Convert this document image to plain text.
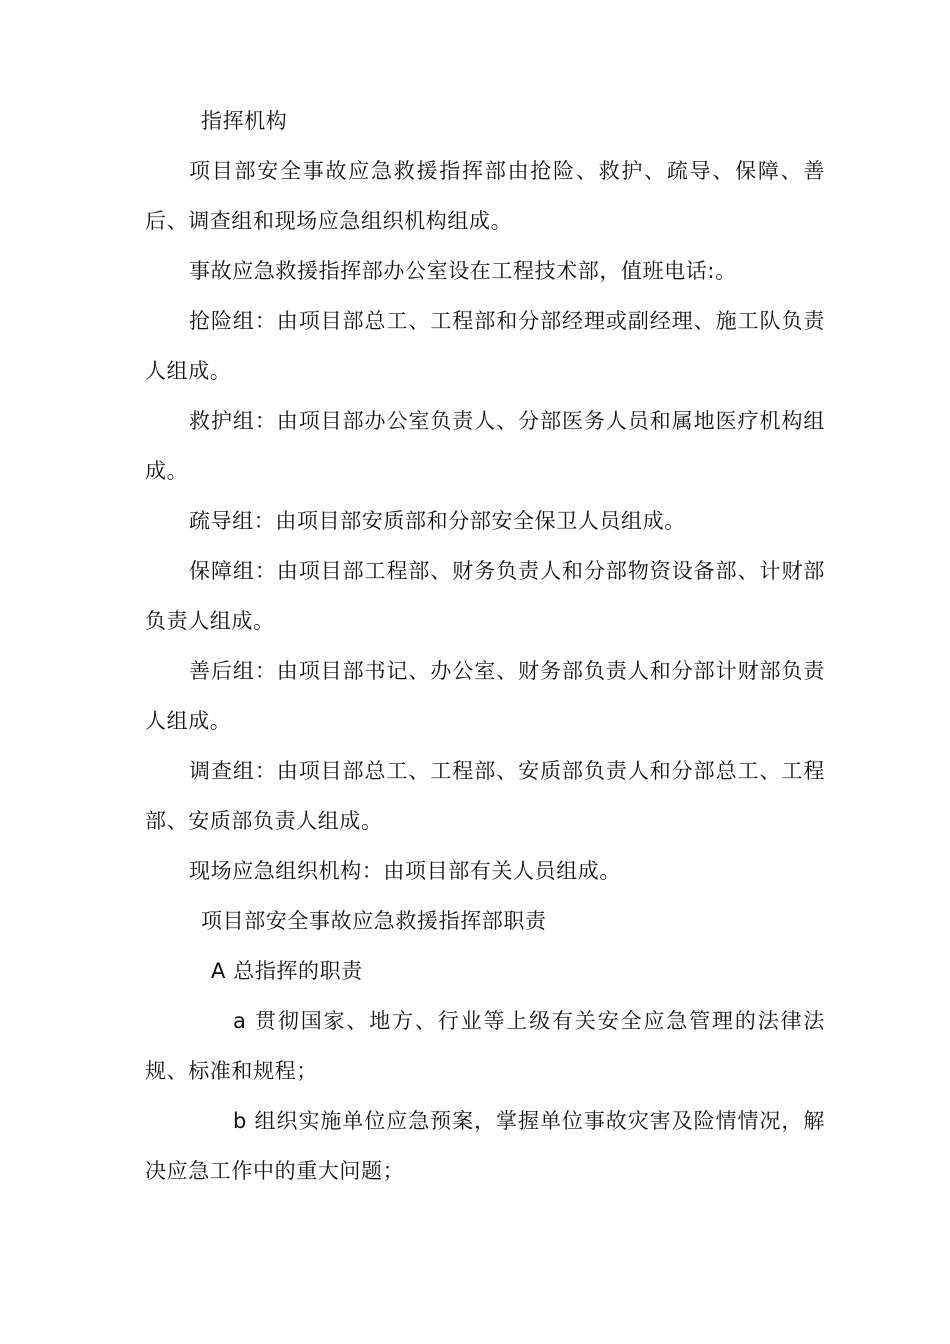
指挥机构

项目部安全事故应急救援指挥部由抢险、救护、疏导、保障、善后、调查组和现场应急组织机构组成。

事故应急救援指挥部办公室设在工程技术部，值班电话:。

抢险组：由项目部总工、工程部和分部经理或副经理、施工队负责人组成。

救护组：由项目部办公室负责人、分部医务人员和属地医疗机构组成。

疏导组：由项目部安质部和分部安全保卫人员组成。

保障组：由项目部工程部、财务负责人和分部物资设备部、计财部负责人组成。

善后组：由项目部书记、办公室、财务部负责人和分部计财部负责人组成。

调查组：由项目部总工、工程部、安质部负责人和分部总工、工程部、安质部负责人组成。

现场应急组织机构：由项目部有关人员组成。

项目部安全事故应急救援指挥部职责

A 总指挥的职责

a 贯彻国家、地方、行业等上级有关安全应急管理的法律法规、标准和规程；

b 组织实施单位应急预案，掌握单位事故灾害及险情情况，解决应急工作中的重大问题；
